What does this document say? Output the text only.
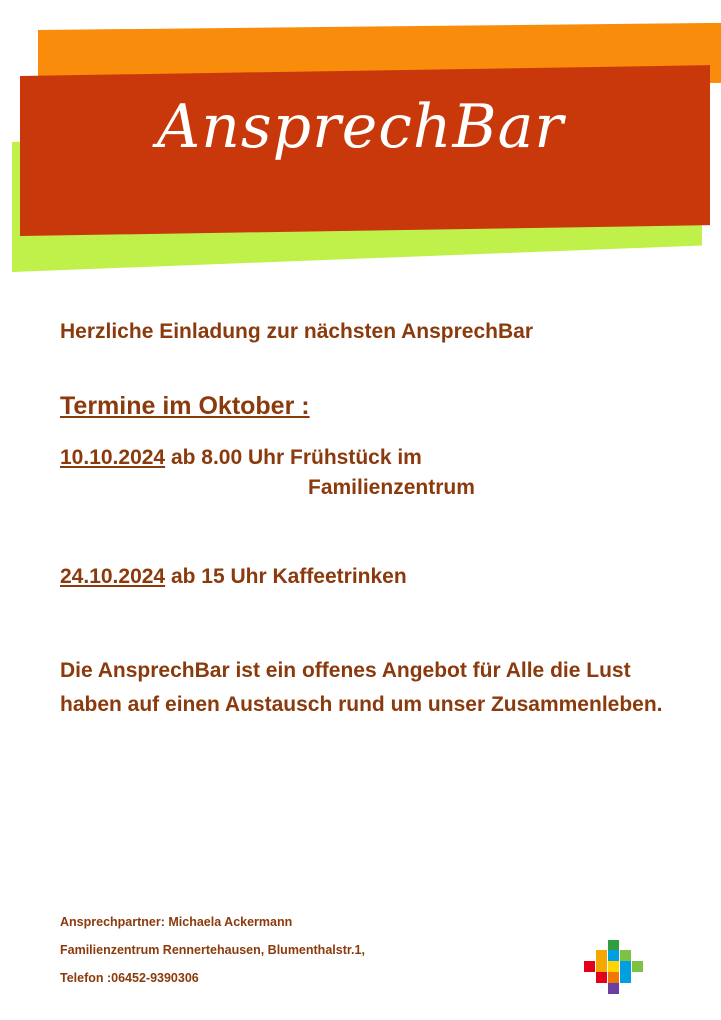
AnsprechBar

Herzliche Einladung zur nächsten AnsprechBar

Termine im Oktober :

10.10.2024 ab 8.00 Uhr Frühstück im
Familienzentrum

24.10.2024 ab 15 Uhr Kaffeetrinken

Die AnsprechBar ist ein offenes Angebot für Alle die Lust haben auf einen Austausch rund um unser Zusammenleben.

Ansprechpartner: Michaela Ackermann
Familienzentrum Rennertehausen, Blumenthalstr.1,
Telefon :06452-9390306
